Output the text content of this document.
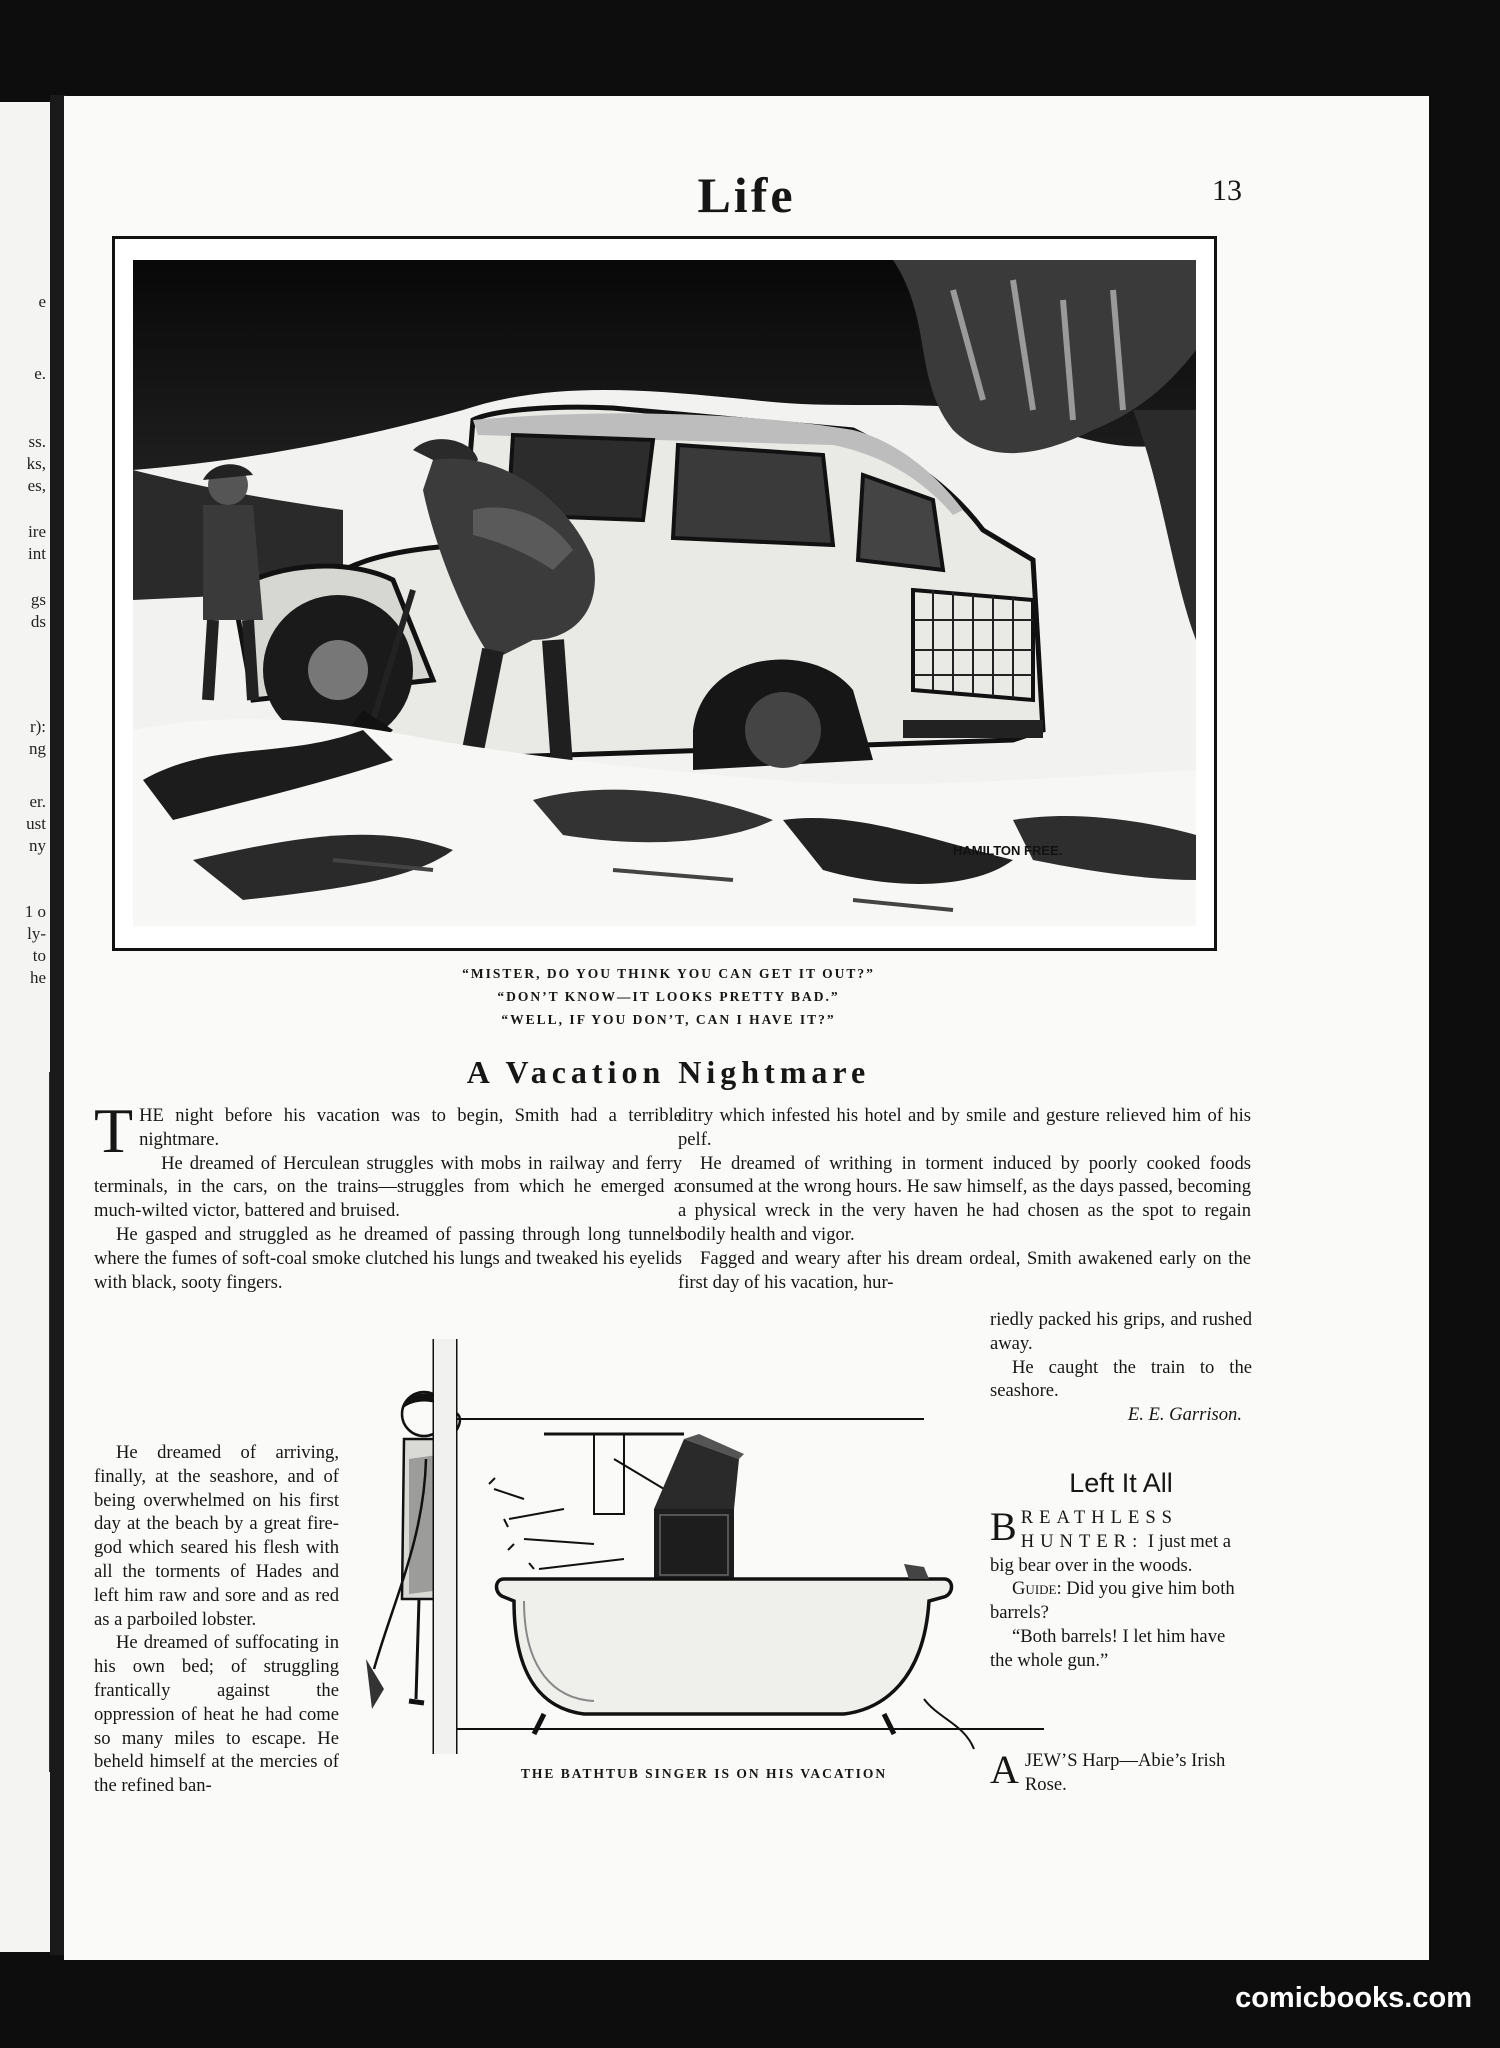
e
e.
ss.
ks,
es,
ire
int
gs
ds
r):
ng
er.
ust
ny
1 o
ly-
to
he
Life	13
HAMILTON FREE.
“MISTER, DO YOU THINK YOU CAN GET IT OUT?”
“DON’T KNOW—IT LOOKS PRETTY BAD.”
“WELL, IF YOU DON’T, CAN I HAVE IT?”
A Vacation Nightmare

THE night before his vacation was to begin, Smith had a terrible nightmare.

He dreamed of Herculean struggles with mobs in railway and ferry terminals, in the cars, on the trains—struggles from which he emerged a much-wilted victor, battered and bruised.

He gasped and struggled as he dreamed of passing through long tunnels where the fumes of soft-coal smoke clutched his lungs and tweaked his eyelids with black, sooty fingers.

He dreamed of arriving, finally, at the seashore, and of being overwhelmed on his first day at the beach by a great fire-god which seared his flesh with all the torments of Hades and left him raw and sore and as red as a parboiled lobster.

He dreamed of suffocating in his own bed; of struggling frantically against the oppression of heat he had come so many miles to escape. He beheld himself at the mercies of the refined ban-

ditry which infested his hotel and by smile and gesture relieved him of his pelf.

He dreamed of writhing in torment induced by poorly cooked foods consumed at the wrong hours. He saw himself, as the days passed, becoming a physical wreck in the very haven he had chosen as the spot to regain bodily health and vigor.

Fagged and weary after his dream ordeal, Smith awakened early on the first day of his vacation, hur-

riedly packed his grips, and rushed away.

He caught the train to the seashore.

E. E. Garrison.

THE BATHTUB SINGER IS ON HIS VACATION
Left It All

BREATHLESS HUNTER: I just met a big bear over in the woods.

Guide: Did you give him both barrels?

“Both barrels! I let him have the whole gun.”

AJEW’S Harp—Abie’s Irish Rose.

comicbooks.com
